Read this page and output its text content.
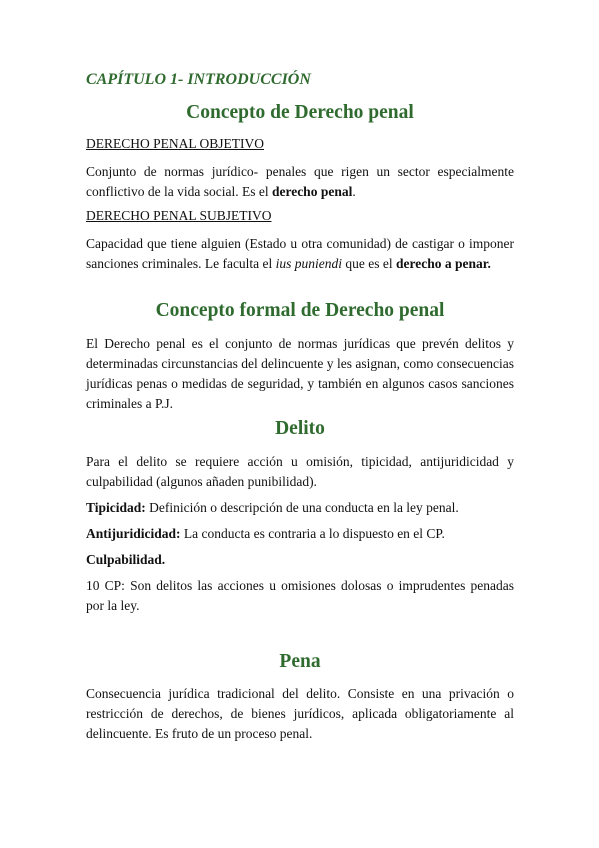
CAPÍTULO 1- INTRODUCCIÓN

Concepto de Derecho penal

DERECHO PENAL OBJETIVO

Conjunto de normas jurídico- penales que rigen un sector especialmente conflictivo de la vida social. Es el derecho penal.

DERECHO PENAL SUBJETIVO

Capacidad que tiene alguien (Estado u otra comunidad) de castigar o imponer sanciones criminales. Le faculta el ius puniendi que es el derecho a penar.

Concepto formal de Derecho penal

El Derecho penal es el conjunto de normas jurídicas que prevén delitos y determinadas circunstancias del delincuente y les asignan, como consecuencias jurídicas penas o medidas de seguridad, y también en algunos casos sanciones criminales a P.J.

Delito

Para el delito se requiere acción u omisión, tipicidad, antijuridicidad y culpabilidad (algunos añaden punibilidad).

Tipicidad: Definición o descripción de una conducta en la ley penal.

Antijuridicidad: La conducta es contraria a lo dispuesto en el CP.

Culpabilidad.

10 CP: Son delitos las acciones u omisiones dolosas o imprudentes penadas por la ley.

Pena

Consecuencia jurídica tradicional del delito. Consiste en una privación o restricción de derechos, de bienes jurídicos, aplicada obligatoriamente al delincuente. Es fruto de un proceso penal.
